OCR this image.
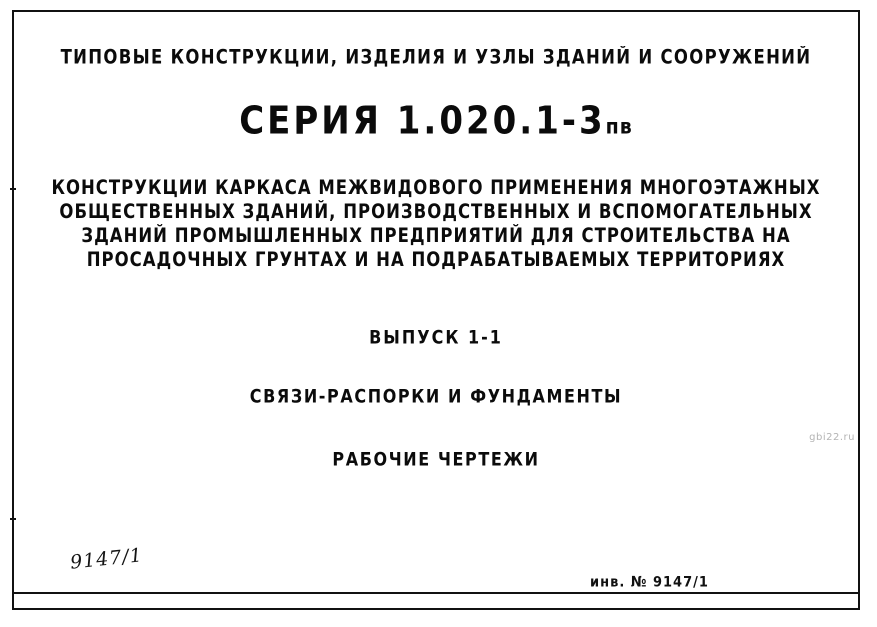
ТИПОВЫЕ КОНСТРУКЦИИ, ИЗДЕЛИЯ И УЗЛЫ ЗДАНИЙ И СООРУЖЕНИЙ
СЕРИЯ 1.020.1-3пв
КОНСТРУКЦИИ КАРКАСА МЕЖВИДОВОГО ПРИМЕНЕНИЯ МНОГОЭТАЖНЫХ
ОБЩЕСТВЕННЫХ ЗДАНИЙ, ПРОИЗВОДСТВЕННЫХ И ВСПОМОГАТЕЛЬНЫХ
ЗДАНИЙ ПРОМЫШЛЕННЫХ ПРЕДПРИЯТИЙ ДЛЯ СТРОИТЕЛЬСТВА НА
ПРОСАДОЧНЫХ ГРУНТАХ И НА ПОДРАБАТЫВАЕМЫХ ТЕРРИТОРИЯХ
ВЫПУСК 1-1
СВЯЗИ-РАСПОРКИ И ФУНДАМЕНТЫ
РАБОЧИЕ ЧЕРТЕЖИ
gbi22.ru
9147/1
инв. № 9147/1
